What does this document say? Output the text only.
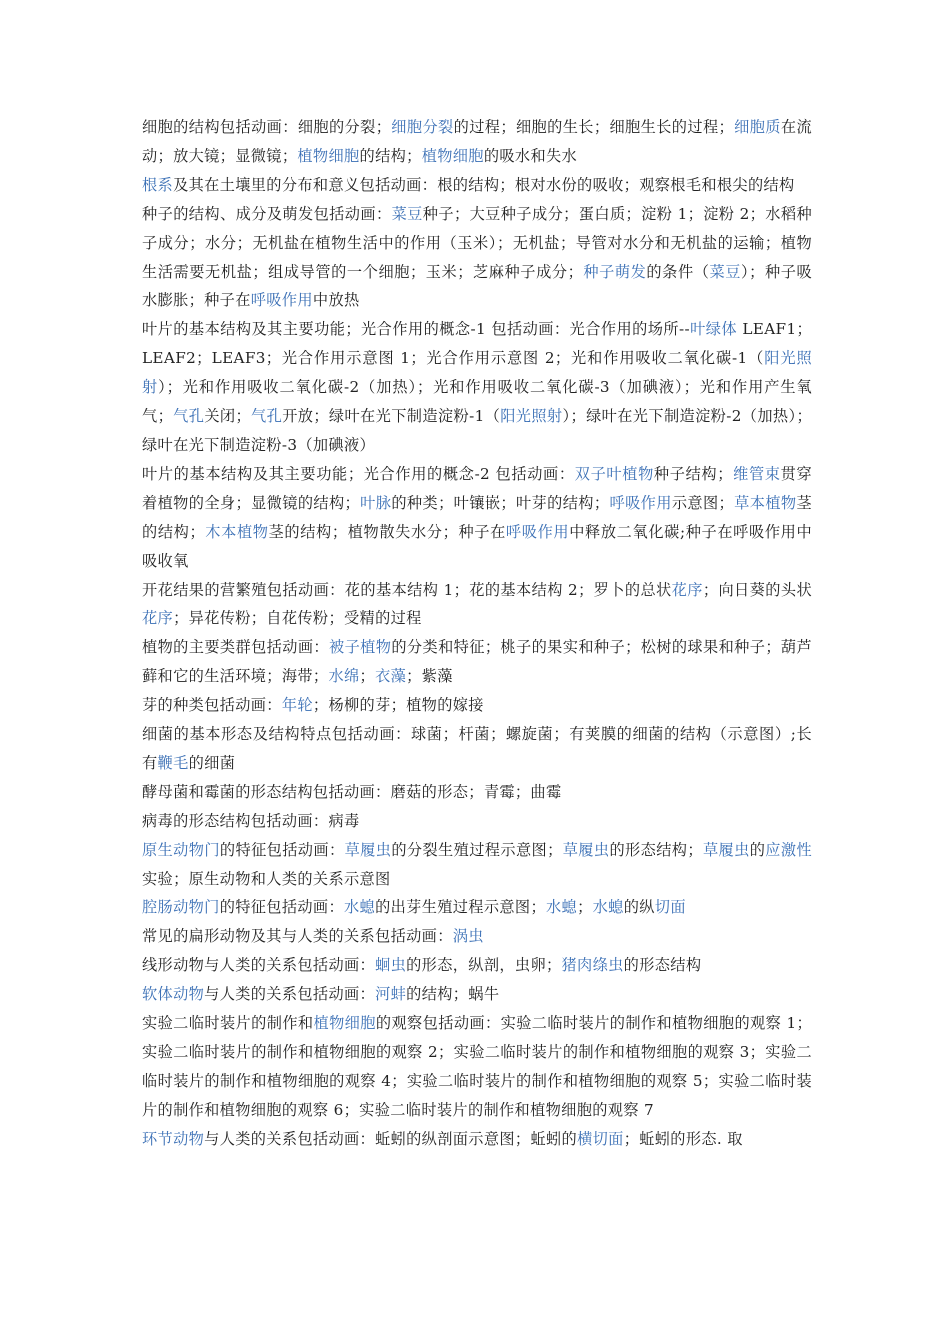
细胞的结构包括动画：细胞的分裂；细胞分裂的过程；细胞的生长；细胞生长的过程；细胞质在流动；放大镜；显微镜；植物细胞的结构；植物细胞的吸水和失水

根系及其在土壤里的分布和意义包括动画：根的结构；根对水份的吸收；观察根毛和根尖的结构

种子的结构、成分及萌发包括动画：菜豆种子；大豆种子成分；蛋白质；淀粉 1；淀粉 2；水稻种子成分；水分；无机盐在植物生活中的作用（玉米）；无机盐；导管对水分和无机盐的运输；植物生活需要无机盐；组成导管的一个细胞；玉米；芝麻种子成分；种子萌发的条件（菜豆）；种子吸水膨胀；种子在呼吸作用中放热

叶片的基本结构及其主要功能；光合作用的概念-1 包括动画：光合作用的场所--叶绿体 LEAF1；LEAF2；LEAF3；光合作用示意图 1；光合作用示意图 2；光和作用吸收二氧化碳-1（阳光照射）；光和作用吸收二氧化碳-2（加热）；光和作用吸收二氧化碳-3（加碘液）；光和作用产生氧气；气孔关闭；气孔开放；绿叶在光下制造淀粉-1（阳光照射）；绿叶在光下制造淀粉-2（加热）；绿叶在光下制造淀粉-3（加碘液）

叶片的基本结构及其主要功能；光合作用的概念-2 包括动画：双子叶植物种子结构；维管束贯穿着植物的全身；显微镜的结构；叶脉的种类；叶镶嵌；叶芽的结构；呼吸作用示意图；草本植物茎的结构；木本植物茎的结构；植物散失水分；种子在呼吸作用中释放二氧化碳;种子在呼吸作用中吸收氧

开花结果的营繁殖包括动画：花的基本结构 1；花的基本结构 2；罗卜的总状花序；向日葵的头状花序；异花传粉；自花传粉；受精的过程

植物的主要类群包括动画：被子植物的分类和特征；桃子的果实和种子；松树的球果和种子；葫芦藓和它的生活环境；海带；水绵；衣藻；紫藻

芽的种类包括动画：年轮；杨柳的芽；植物的嫁接

细菌的基本形态及结构特点包括动画：球菌；杆菌；螺旋菌；有荚膜的细菌的结构（示意图）;长有鞭毛的细菌

酵母菌和霉菌的形态结构包括动画：磨菇的形态；青霉；曲霉

病毒的形态结构包括动画：病毒

原生动物门的特征包括动画：草履虫的分裂生殖过程示意图；草履虫的形态结构；草履虫的应激性实验；原生动物和人类的关系示意图

腔肠动物门的特征包括动画：水螅的出芽生殖过程示意图；水螅；水螅的纵切面

常见的扁形动物及其与人类的关系包括动画：涡虫

线形动物与人类的关系包括动画：蛔虫的形态，纵剖，虫卵；猪肉绦虫的形态结构

软体动物与人类的关系包括动画：河蚌的结构；蜗牛

实验二临时装片的制作和植物细胞的观察包括动画：实验二临时装片的制作和植物细胞的观察 1；实验二临时装片的制作和植物细胞的观察 2；实验二临时装片的制作和植物细胞的观察 3；实验二临时装片的制作和植物细胞的观察 4；实验二临时装片的制作和植物细胞的观察 5；实验二临时装片的制作和植物细胞的观察 6；实验二临时装片的制作和植物细胞的观察 7

环节动物与人类的关系包括动画：蚯蚓的纵剖面示意图；蚯蚓的横切面；蚯蚓的形态. 取
